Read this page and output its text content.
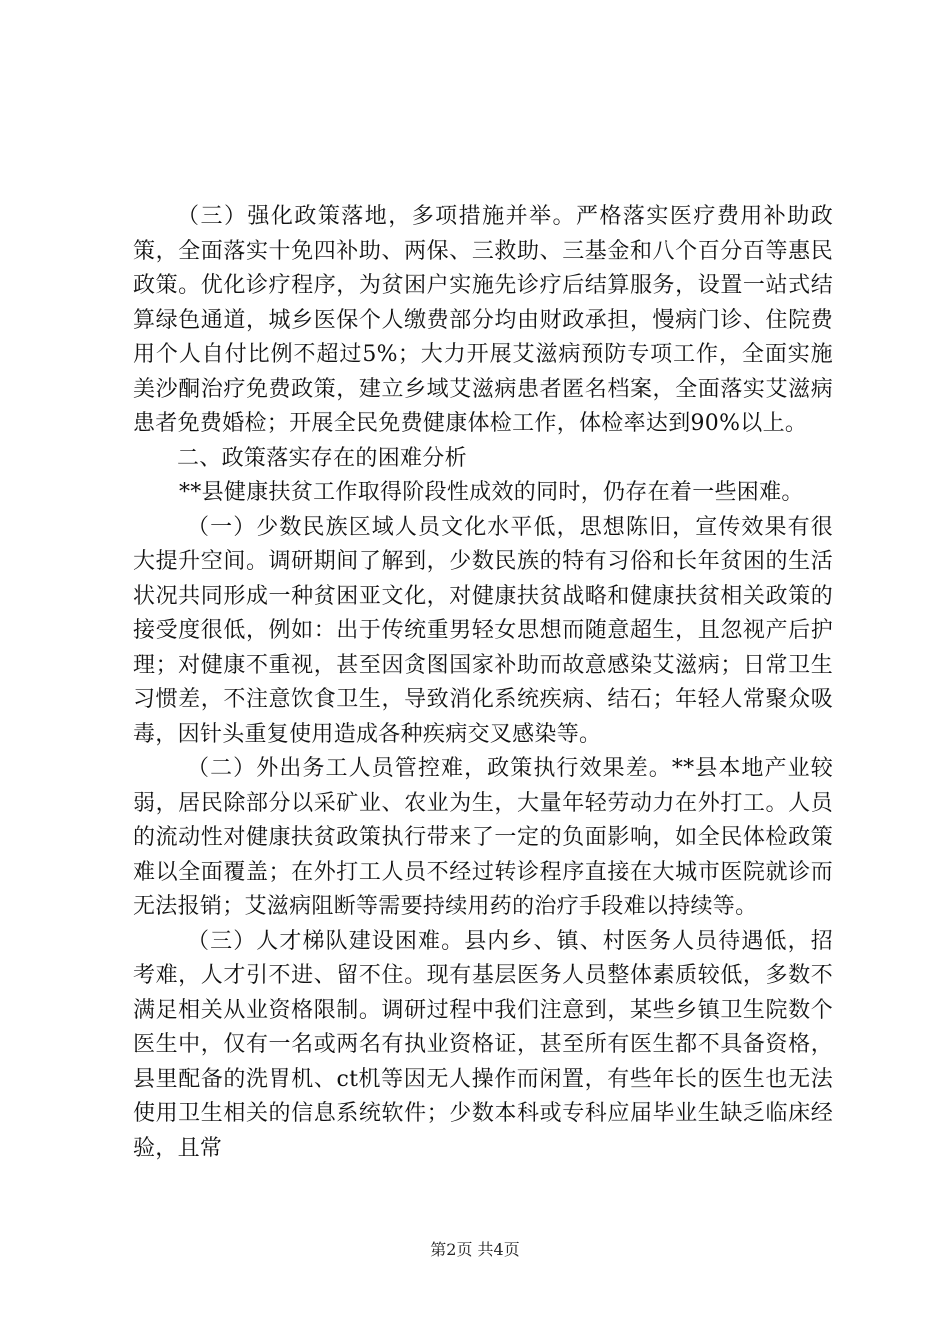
（三）强化政策落地，多项措施并举。严格落实医疗费用补助政策，全面落实十免四补助、两保、三救助、三基金和八个百分百等惠民政策。优化诊疗程序，为贫困户实施先诊疗后结算服务，设置一站式结算绿色通道，城乡医保个人缴费部分均由财政承担，慢病门诊、住院费用个人自付比例不超过5%；大力开展艾滋病预防专项工作，全面实施美沙酮治疗免费政策，建立乡域艾滋病患者匿名档案，全面落实艾滋病患者免费婚检；开展全民免费健康体检工作，体检率达到90%以上。

二、政策落实存在的困难分析

**县健康扶贫工作取得阶段性成效的同时，仍存在着一些困难。

（一）少数民族区域人员文化水平低，思想陈旧，宣传效果有很大提升空间。调研期间了解到，少数民族的特有习俗和长年贫困的生活状况共同形成一种贫困亚文化，对健康扶贫战略和健康扶贫相关政策的接受度很低，例如：出于传统重男轻女思想而随意超生，且忽视产后护理；对健康不重视，甚至因贪图国家补助而故意感染艾滋病；日常卫生习惯差，不注意饮食卫生，导致消化系统疾病、结石；年轻人常聚众吸毒，因针头重复使用造成各种疾病交叉感染等。

（二）外出务工人员管控难，政策执行效果差。**县本地产业较弱，居民除部分以采矿业、农业为生，大量年轻劳动力在外打工。人员的流动性对健康扶贫政策执行带来了一定的负面影响，如全民体检政策难以全面覆盖；在外打工人员不经过转诊程序直接在大城市医院就诊而无法报销；艾滋病阻断等需要持续用药的治疗手段难以持续等。

（三）人才梯队建设困难。县内乡、镇、村医务人员待遇低，招考难，人才引不进、留不住。现有基层医务人员整体素质较低，多数不满足相关从业资格限制。调研过程中我们注意到，某些乡镇卫生院数个医生中，仅有一名或两名有执业资格证，甚至所有医生都不具备资格，县里配备的洗胃机、ct机等因无人操作而闲置，有些年长的医生也无法使用卫生相关的信息系统软件；少数本科或专科应届毕业生缺乏临床经验，且常

第2页 共4页
